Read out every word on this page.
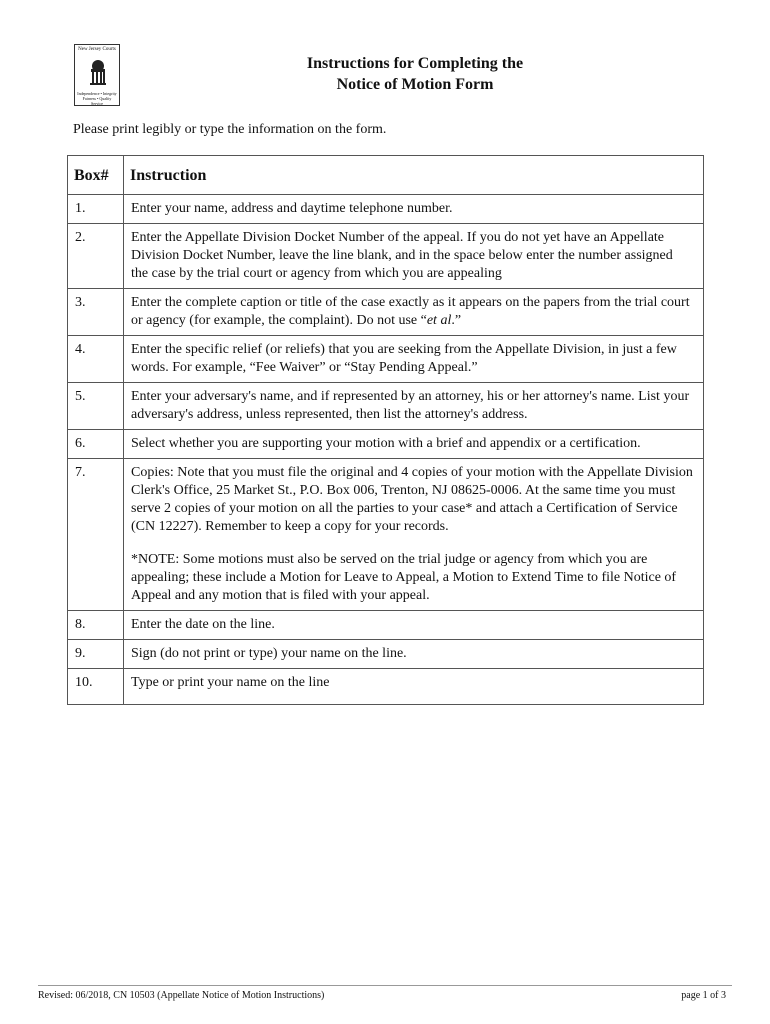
New Jersey Courts
Independence • Integrity
Fairness • Quality Service
Instructions for Completing the
Notice of Motion Form
Please print legibly or type the information on the form.
Box#	Instruction
1.	Enter your name, address and daytime telephone number.
2.	Enter the Appellate Division Docket Number of the appeal. If you do not yet have an Appellate Division Docket Number, leave the line blank, and in the space below enter the number assigned the case by the trial court or agency from which you are appealing
3.	Enter the complete caption or title of the case exactly as it appears on the papers from the trial court or agency (for example, the complaint). Do not use “et al.”
4.	Enter the specific relief (or reliefs) that you are seeking from the Appellate Division, in just a few words. For example, “Fee Waiver” or “Stay Pending Appeal.”
5.	Enter your adversary's name, and if represented by an attorney, his or her attorney's name. List your adversary's address, unless represented, then list the attorney's address.
6.	Select whether you are supporting your motion with a brief and appendix or a certification.
7.	Copies: Note that you must file the original and 4 copies of your motion with the Appellate Division Clerk's Office, 25 Market St., P.O. Box 006, Trenton, NJ 08625-0006. At the same time you must serve 2 copies of your motion on all the parties to your case* and attach a Certification of Service (CN 12227). Remember to keep a copy for your records.
*NOTE: Some motions must also be served on the trial judge or agency from which you are appealing; these include a Motion for Leave to Appeal, a Motion to Extend Time to file Notice of Appeal and any motion that is filed with your appeal.

8.	Enter the date on the line.
9.	Sign (do not print or type) your name on the line.
10.	Type or print your name on the line
Revised: 06/2018, CN 10503 (Appellate Notice of Motion Instructions)	page 1 of 3
